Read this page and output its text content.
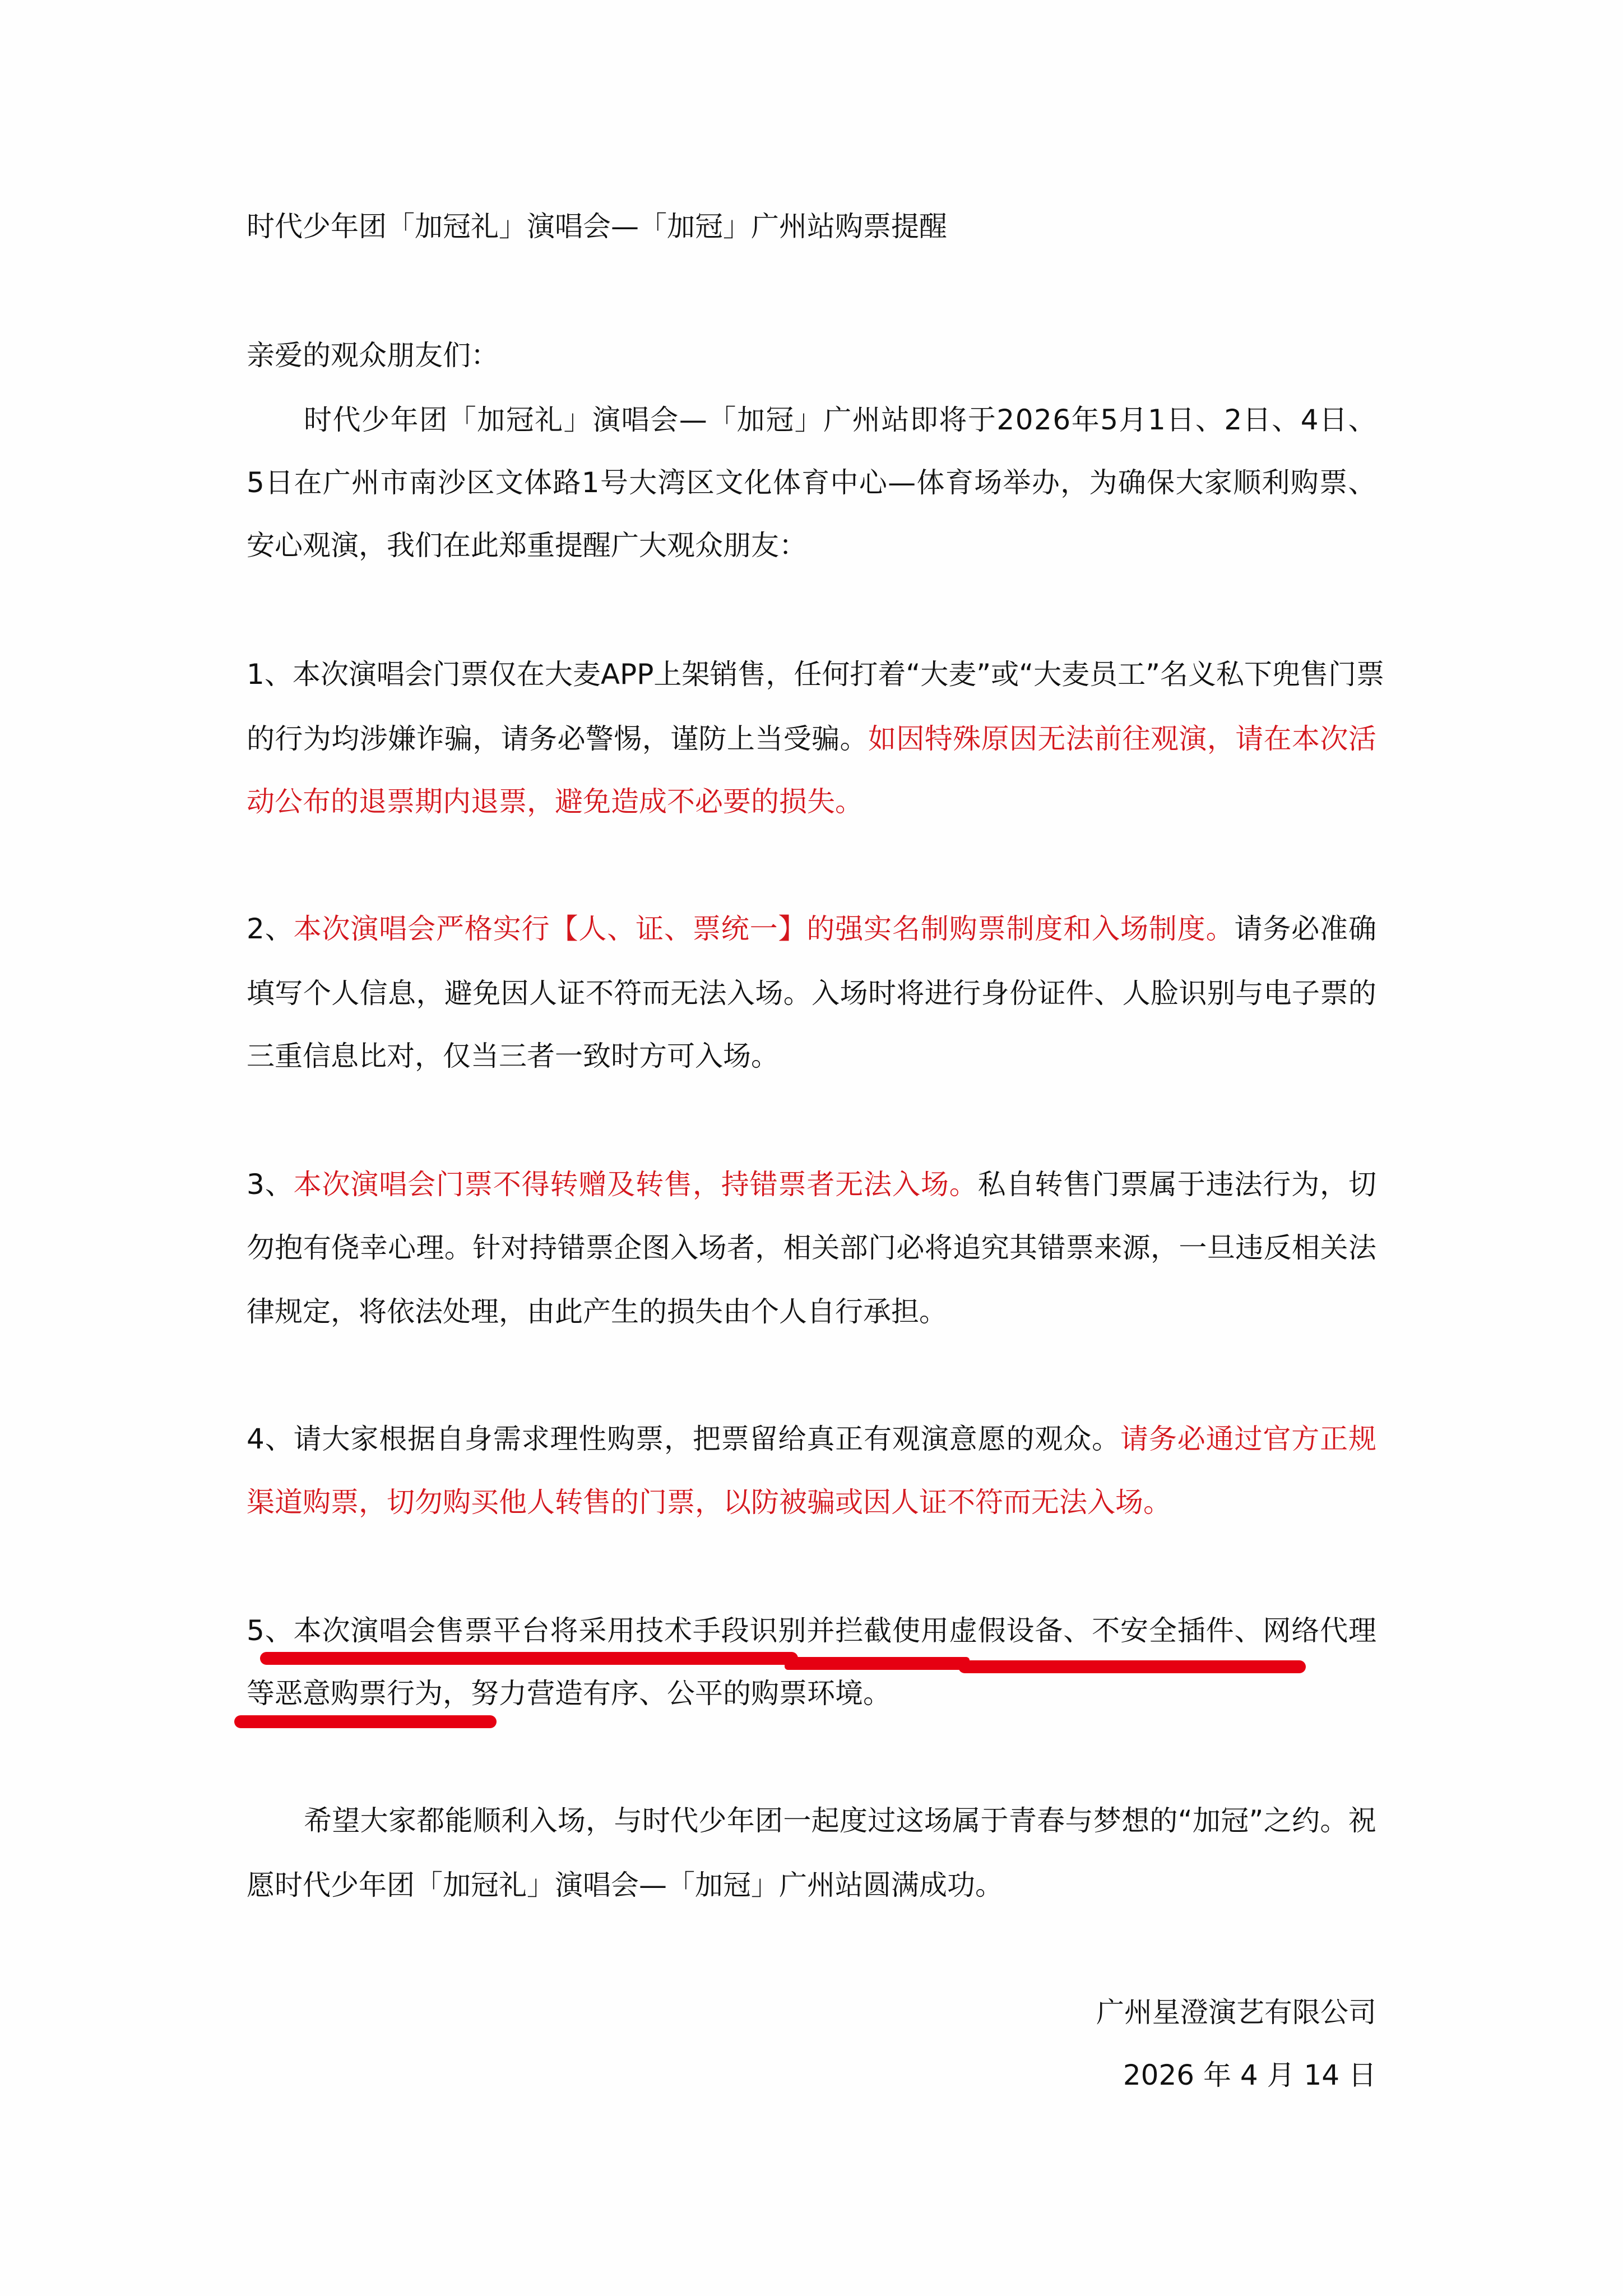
时代少年团「加冠礼」演唱会—「加冠」广州站购票提醒
亲爱的观众朋友们：
时 代 少 年 团 「 加 冠 礼 」 演 唱 会 — 「 加 冠 」 广 州 站 即 将 于 2 0 2 6 年 5 月 1 日 、 2 日 、 4 日 、
5 日 在 广 州 市 南 沙 区 文 体 路 1 号 大 湾 区 文 化 体 育 中 心 — 体 育 场 举 办 ， 为 确 保 大 家 顺 利 购 票 、
安心观演，我们在此郑重提醒广大观众朋友：
1 、 本 次 演 唱 会 门 票 仅 在 大 麦 A P P 上 架 销 售 ， 任 何 打 着 “ 大 麦 ” 或 “ 大 麦 员 工 ” 名 义 私 下 兜 售 门 票
的 行 为 均 涉 嫌 诈 骗 ， 请 务 必 警 惕 ， 谨 防 上 当 受 骗 。 如 因 特 殊 原 因 无 法 前 往 观 演 ， 请 在 本 次 活
动公布的退票期内退票，避免造成不必要的损失。
2 、 本 次 演 唱 会 严 格 实 行 【 人 、 证 、 票 统 一 】 的 强 实 名 制 购 票 制 度 和 入 场 制 度 。 请 务 必 准 确
填 写 个 人 信 息 ， 避 免 因 人 证 不 符 而 无 法 入 场 。 入 场 时 将 进 行 身 份 证 件 、 人 脸 识 别 与 电 子 票 的
三重信息比对，仅当三者一致时方可入场。
3 、 本 次 演 唱 会 门 票 不 得 转 赠 及 转 售 ， 持 错 票 者 无 法 入 场 。 私 自 转 售 门 票 属 于 违 法 行 为 ， 切
勿 抱 有 侥 幸 心 理 。 针 对 持 错 票 企 图 入 场 者 ， 相 关 部 门 必 将 追 究 其 错 票 来 源 ， 一 旦 违 反 相 关 法
律规定，将依法处理，由此产生的损失由个人自行承担。
4 、 请 大 家 根 据 自 身 需 求 理 性 购 票 ， 把 票 留 给 真 正 有 观 演 意 愿 的 观 众 。 请 务 必 通 过 官 方 正 规
渠道购票，切勿购买他人转售的门票，以防被骗或因人证不符而无法入场。
5 、 本 次 演 唱 会 售 票 平 台 将 采 用 技 术 手 段 识 别 并 拦 截 使 用 虚 假 设 备 、 不 安 全 插 件 、 网 络 代 理
等恶意购票行为，努力营造有序、公平的购票环境。
希 望 大 家 都 能 顺 利 入 场 ， 与 时 代 少 年 团 一 起 度 过 这 场 属 于 青 春 与 梦 想 的 “ 加 冠 ” 之 约 。 祝
愿时代少年团「加冠礼」演唱会—「加冠」广州站圆满成功。
广州星澄演艺有限公司
2026 年 4 月 14 日
